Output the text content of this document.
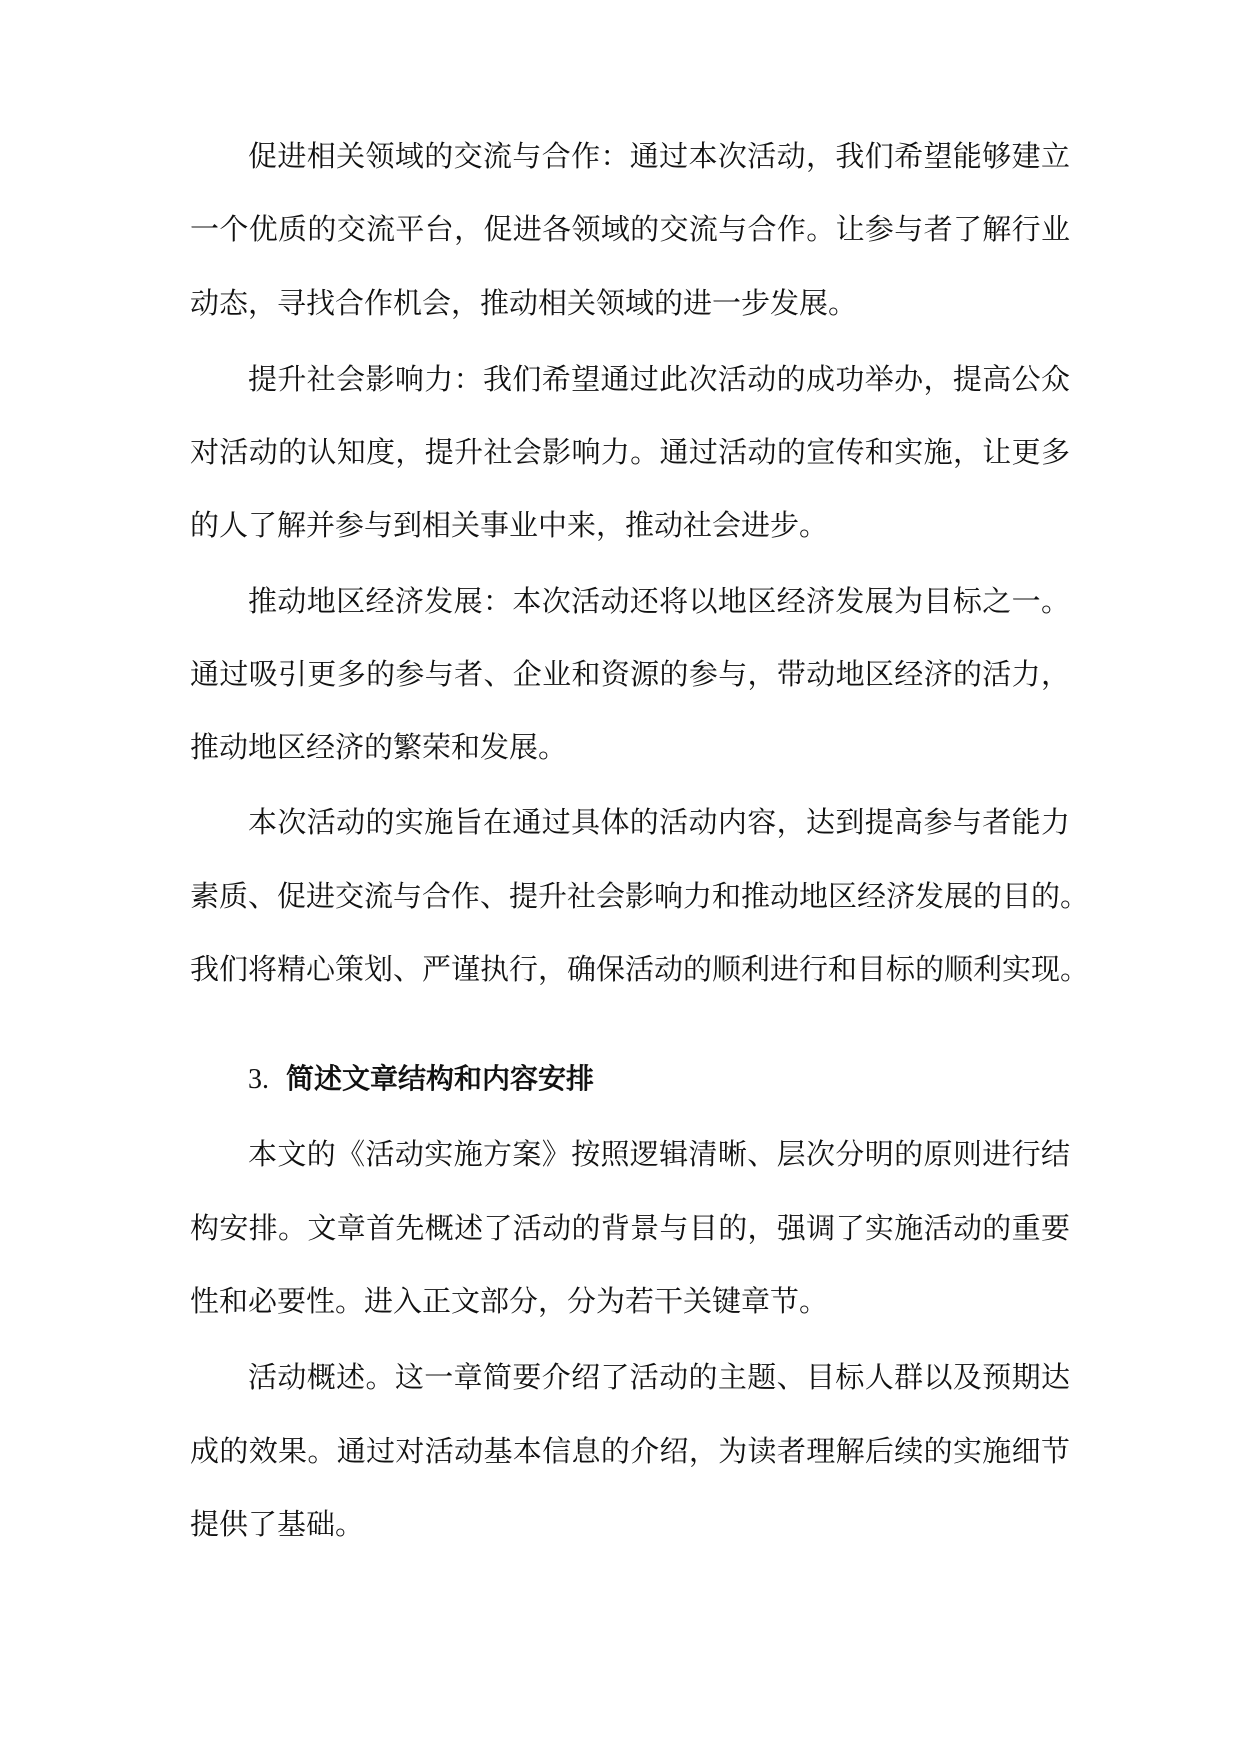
促进相关领域的交流与合作：通过本次活动，我们希望能够建立
一个优质的交流平台，促进各领域的交流与合作。让参与者了解行业
动态，寻找合作机会，推动相关领域的进一步发展。
提升社会影响力：我们希望通过此次活动的成功举办，提高公众
对活动的认知度，提升社会影响力。通过活动的宣传和实施，让更多
的人了解并参与到相关事业中来，推动社会进步。
推动地区经济发展：本次活动还将以地区经济发展为目标之一。
通过吸引更多的参与者、企业和资源的参与，带动地区经济的活力，
推动地区经济的繁荣和发展。
本次活动的实施旨在通过具体的活动内容，达到提高参与者能力
素质、促进交流与合作、提升社会影响力和推动地区经济发展的目的。
我们将精心策划、严谨执行，确保活动的顺利进行和目标的顺利实现。
3. 简述文章结构和内容安排
本文的《活动实施方案》按照逻辑清晰、层次分明的原则进行结
构安排。文章首先概述了活动的背景与目的，强调了实施活动的重要
性和必要性。进入正文部分，分为若干关键章节。
活动概述。这一章简要介绍了活动的主题、目标人群以及预期达
成的效果。通过对活动基本信息的介绍，为读者理解后续的实施细节
提供了基础。
